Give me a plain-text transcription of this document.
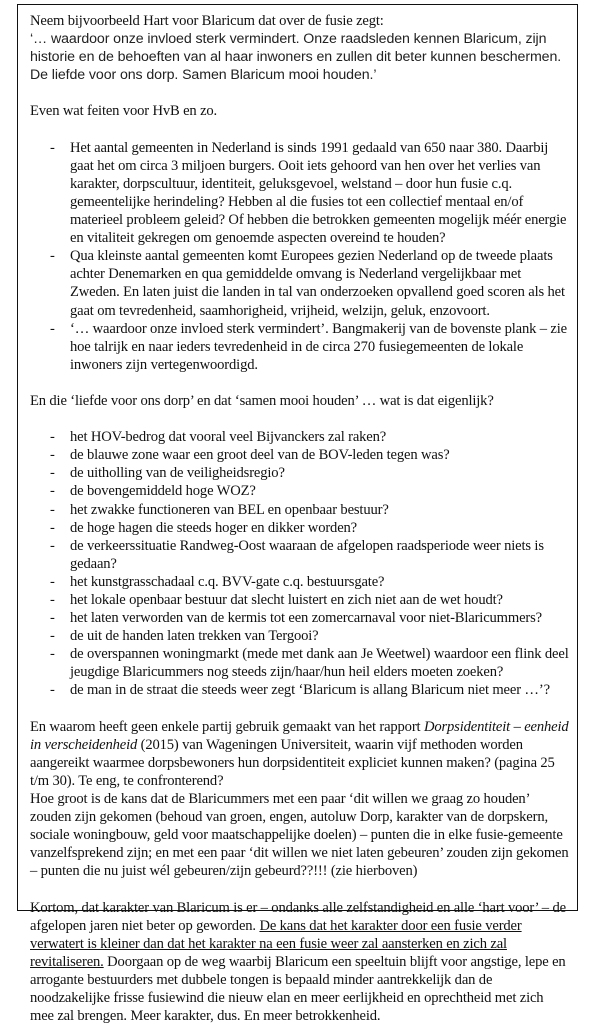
Neem bijvoorbeeld Hart voor Blaricum dat over de fusie zegt:

‘… waardoor onze invloed sterk vermindert. Onze raadsleden kennen Blaricum, zijn historie en de behoeften van al haar inwoners en zullen dit beter kunnen beschermen. De liefde voor ons dorp. Samen Blaricum mooi houden.’

Even wat feiten voor HvB en zo.

- Het aantal gemeenten in Nederland is sinds 1991 gedaald van 650 naar 380. Daarbij gaat het om circa 3 miljoen burgers. Ooit iets gehoord van hen over het verlies van karakter, dorpscultuur, identiteit, geluksgevoel, welstand – door hun fusie c.q. gemeentelijke herindeling? Hebben al die fusies tot een collectief mentaal en/of materieel probleem geleid? Of hebben die betrokken gemeenten mogelijk méér energie en vitaliteit gekregen om genoemde aspecten overeind te houden?
- Qua kleinste aantal gemeenten komt Europees gezien Nederland op de tweede plaats achter Denemarken en qua gemiddelde omvang is Nederland vergelijkbaar met Zweden. En laten juist die landen in tal van onderzoeken opvallend goed scoren als het gaat om tevredenheid, saamhorigheid, vrijheid, welzijn, geluk, enzovoort.
- ‘… waardoor onze invloed sterk vermindert’. Bangmakerij van de bovenste plank – zie hoe talrijk en naar ieders tevredenheid in de circa 270 fusiegemeenten de lokale inwoners zijn vertegenwoordigd.

En die ‘liefde voor ons dorp’ en dat ‘samen mooi houden’ … wat is dat eigenlijk?

- het HOV-bedrog dat vooral veel Bijvanckers zal raken?
- de blauwe zone waar een groot deel van de BOV-leden tegen was?
- de uitholling van de veiligheidsregio?
- de bovengemiddeld hoge WOZ?
- het zwakke functioneren van BEL en openbaar bestuur?
- de hoge hagen die steeds hoger en dikker worden?
- de verkeerssituatie Randweg-Oost waaraan de afgelopen raadsperiode weer niets is gedaan?
- het kunstgrasschadaal c.q. BVV-gate c.q. bestuursgate?
- het lokale openbaar bestuur dat slecht luistert en zich niet aan de wet houdt?
- het laten verworden van de kermis tot een zomercarnaval voor niet-Blaricummers?
- de uit de handen laten trekken van Tergooi?
- de overspannen woningmarkt (mede met dank aan Je Weetwel) waardoor een flink deel jeugdige Blaricummers nog steeds zijn/haar/hun heil elders moeten zoeken?
- de man in de straat die steeds weer zegt ‘Blaricum is allang Blaricum niet meer …’?

En waarom heeft geen enkele partij gebruik gemaakt van het rapport Dorpsidentiteit – eenheid in verscheidenheid (2015) van Wageningen Universiteit, waarin vijf methoden worden aangereikt waarmee dorpsbewoners hun dorpsidentiteit expliciet kunnen maken? (pagina 25 t/m 30). Te eng, te confronterend?

Hoe groot is de kans dat de Blaricummers met een paar ‘dit willen we graag zo houden’ zouden zijn gekomen (behoud van groen, engen, autoluw Dorp, karakter van de dorpskern, sociale woningbouw, geld voor maatschappelijke doelen) – punten die in elke fusie-gemeente vanzelfsprekend zijn; en met een paar ‘dit willen we niet laten gebeuren’ zouden zijn gekomen – punten die nu juist wél gebeuren/zijn gebeurd??!!! (zie hierboven)

Kortom, dat karakter van Blaricum is er – ondanks alle zelfstandigheid en alle ‘hart voor’ – de afgelopen jaren niet beter op geworden. De kans dat het karakter door een fusie verder verwatert is kleiner dan dat het karakter na een fusie weer zal aansterken en zich zal revitaliseren. Doorgaan op de weg waarbij Blaricum een speeltuin blijft voor angstige, lepe en arrogante bestuurders met dubbele tongen is bepaald minder aantrekkelijk dan de noodzakelijke frisse fusiewind die nieuw elan en meer eerlijkheid en oprechtheid met zich mee zal brengen. Meer karakter, dus. En meer betrokkenheid.
